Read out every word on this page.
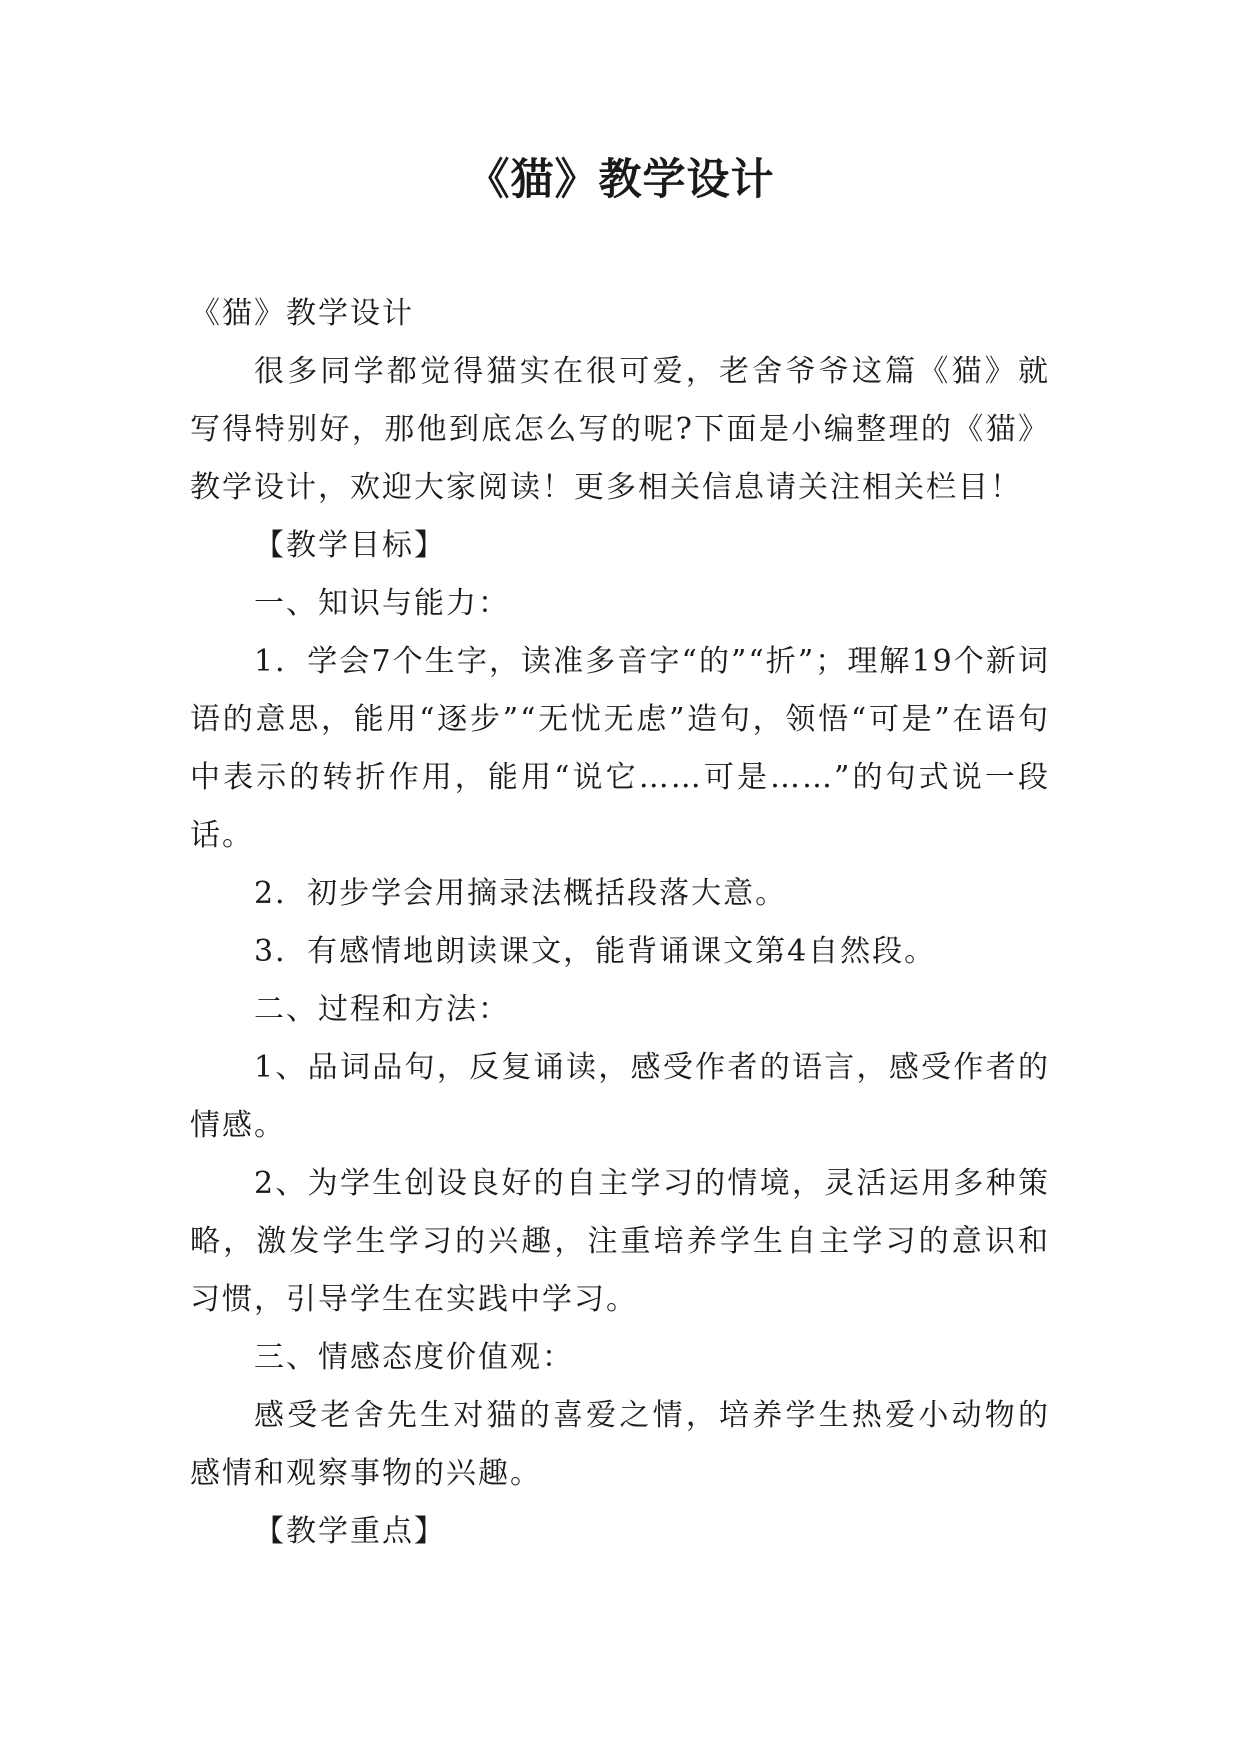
《猫》教学设计

《猫》教学设计

很多同学都觉得猫实在很可爱，老舍爷爷这篇《猫》就写得特别好，那他到底怎么写的呢?下面是小编整理的《猫》教学设计，欢迎大家阅读！更多相关信息请关注相关栏目！

【教学目标】

一、知识与能力：

1．学会7个生字，读准多音字“的”“折”；理解19个新词语的意思，能用“逐步”“无忧无虑”造句，领悟“可是”在语句中表示的转折作用，能用“说它……可是……”的句式说一段话。

2．初步学会用摘录法概括段落大意。

3．有感情地朗读课文，能背诵课文第4自然段。

二、过程和方法：

1、品词品句，反复诵读，感受作者的语言，感受作者的情感。

2、为学生创设良好的自主学习的情境，灵活运用多种策略，激发学生学习的兴趣，注重培养学生自主学习的意识和习惯，引导学生在实践中学习。

三、情感态度价值观：

感受老舍先生对猫的喜爱之情，培养学生热爱小动物的感情和观察事物的兴趣。

【教学重点】
